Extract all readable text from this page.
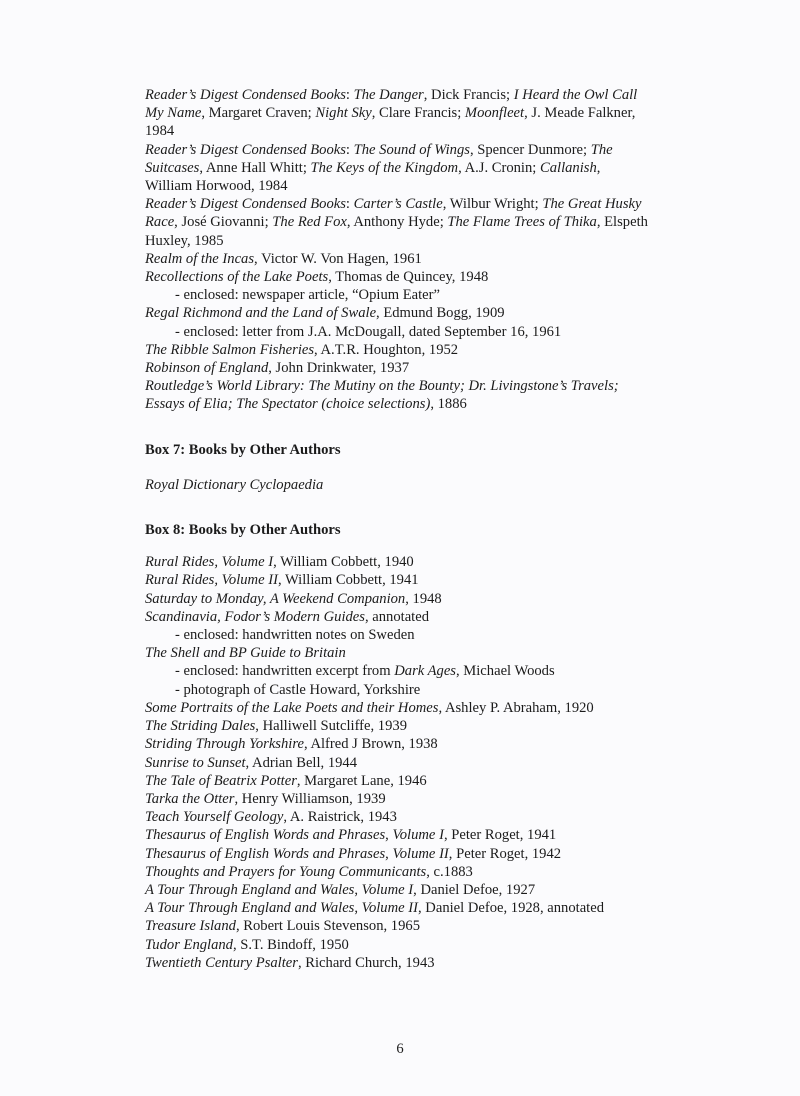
Reader’s Digest Condensed Books: The Danger, Dick Francis; I Heard the Owl Call
My Name, Margaret Craven; Night Sky, Clare Francis; Moonfleet, J. Meade Falkner,
1984
Reader’s Digest Condensed Books: The Sound of Wings, Spencer Dunmore; The
Suitcases, Anne Hall Whitt; The Keys of the Kingdom, A.J. Cronin; Callanish,
William Horwood, 1984
Reader’s Digest Condensed Books: Carter’s Castle, Wilbur Wright; The Great Husky
Race, José Giovanni; The Red Fox, Anthony Hyde; The Flame Trees of Thika, Elspeth
Huxley, 1985
Realm of the Incas, Victor W. Von Hagen, 1961
Recollections of the Lake Poets, Thomas de Quincey, 1948
- enclosed: newspaper article, “Opium Eater”
Regal Richmond and the Land of Swale, Edmund Bogg, 1909
- enclosed: letter from J.A. McDougall, dated September 16, 1961
The Ribble Salmon Fisheries, A.T.R. Houghton, 1952
Robinson of England, John Drinkwater, 1937
Routledge’s World Library: The Mutiny on the Bounty; Dr. Livingstone’s Travels;
Essays of Elia; The Spectator (choice selections), 1886
Box 7: Books by Other Authors
Royal Dictionary Cyclopaedia
Box 8: Books by Other Authors
Rural Rides, Volume I, William Cobbett, 1940
Rural Rides, Volume II, William Cobbett, 1941
Saturday to Monday, A Weekend Companion, 1948
Scandinavia, Fodor’s Modern Guides, annotated
- enclosed: handwritten notes on Sweden
The Shell and BP Guide to Britain
- enclosed: handwritten excerpt from Dark Ages, Michael Woods
- photograph of Castle Howard, Yorkshire
Some Portraits of the Lake Poets and their Homes, Ashley P. Abraham, 1920
The Striding Dales, Halliwell Sutcliffe, 1939
Striding Through Yorkshire, Alfred J Brown, 1938
Sunrise to Sunset, Adrian Bell, 1944
The Tale of Beatrix Potter, Margaret Lane, 1946
Tarka the Otter, Henry Williamson, 1939
Teach Yourself Geology, A. Raistrick, 1943
Thesaurus of English Words and Phrases, Volume I, Peter Roget, 1941
Thesaurus of English Words and Phrases, Volume II, Peter Roget, 1942
Thoughts and Prayers for Young Communicants, c.1883
A Tour Through England and Wales, Volume I, Daniel Defoe, 1927
A Tour Through England and Wales, Volume II, Daniel Defoe, 1928, annotated
Treasure Island, Robert Louis Stevenson, 1965
Tudor England, S.T. Bindoff, 1950
Twentieth Century Psalter, Richard Church, 1943
6
